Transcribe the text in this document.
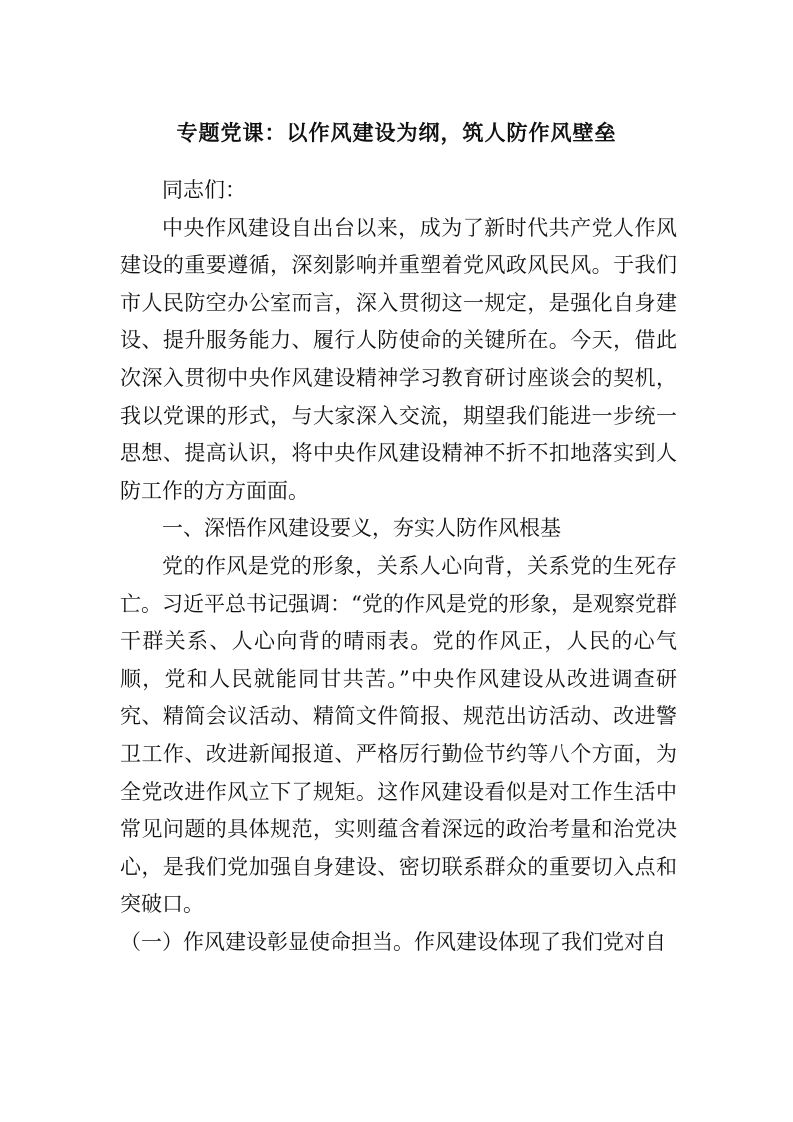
专题党课：以作风建设为纲，筑人防作风壁垒

同志们：

中央作风建设自出台以来，成为了新时代共产党人作风建设的重要遵循，深刻影响并重塑着党风政风民风。于我们市人民防空办公室而言，深入贯彻这一规定，是强化自身建设、提升服务能力、履行人防使命的关键所在。今天，借此次深入贯彻中央作风建设精神学习教育研讨座谈会的契机，我以党课的形式，与大家深入交流，期望我们能进一步统一思想、提高认识，将中央作风建设精神不折不扣地落实到人防工作的方方面面。

一、深悟作风建设要义，夯实人防作风根基

党的作风是党的形象，关系人心向背，关系党的生死存亡。习近平总书记强调：“党的作风是党的形象，是观察党群干群关系、人心向背的晴雨表。党的作风正，人民的心气顺，党和人民就能同甘共苦。”中央作风建设从改进调查研究、精简会议活动、精简文件简报、规范出访活动、改进警卫工作、改进新闻报道、严格厉行勤俭节约等八个方面，为全党改进作风立下了规矩。这作风建设看似是对工作生活中常见问题的具体规范，实则蕴含着深远的政治考量和治党决心，是我们党加强自身建设、密切联系群众的重要切入点和突破口。

（一）作风建设彰显使命担当。作风建设体现了我们党对自
